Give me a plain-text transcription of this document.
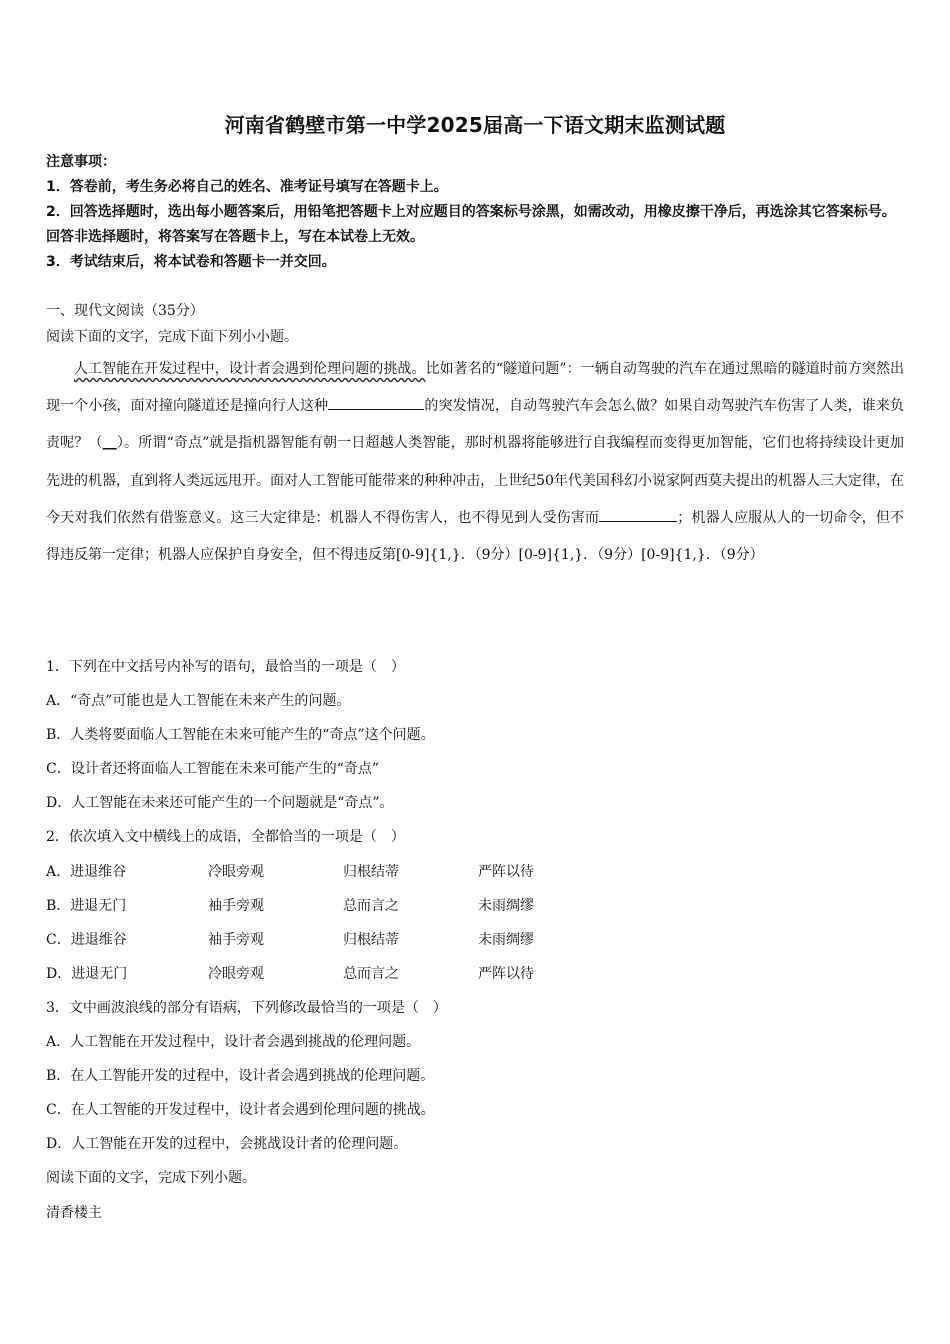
河南省鹤壁市第一中学2025届高一下语文期末监测试题

注意事项：

1．答卷前，考生务必将自己的姓名、准考证号填写在答题卡上。

2．回答选择题时，选出每小题答案后，用铅笔把答题卡上对应题目的答案标号涂黑，如需改动，用橡皮擦干净后，再选涂其它答案标号。回答非选择题时，将答案写在答题卡上，写在本试卷上无效。

3．考试结束后，将本试卷和答题卡一并交回。

一、现代文阅读（35分）

阅读下面的文字，完成下面下列小小题。

人工智能在开发过程中，设计者会遇到伦理问题的挑战。比如著名的“隧道问题”：一辆自动驾驶的汽车在通过黑暗的隧道时前方突然出现一个小孩，面对撞向隧道还是撞向行人这种	的突发情况，自动驾驶汽车会怎么做？如果自动驾驶汽车伤害了人类，谁来负责呢？（__）。所谓“奇点”就是指机器智能有朝一日超越人类智能，那时机器将能够进行自我编程而变得更加智能，它们也将持续设计更加先进的机器，直到将人类远远甩开。面对人工智能可能带来的种种冲击，上世纪50年代美国科幻小说家阿西莫夫提出的机器人三大定律，在今天对我们依然有借鉴意义。这三大定律是：机器人不得伤害人，也不得见到人受伤害而	；机器人应服从人的一切命令，但不得违反第一定律；机器人应保护自身安全，但不得违反第[0-9]{1,}．（9分）[0-9]{1,}．（9分）[0-9]{1,}．（9分）

1．下列在中文括号内补写的语句，最恰当的一项是（　）
A．“奇点”可能也是人工智能在未来产生的问题。
B．人类将要面临人工智能在未来可能产生的“奇点”这个问题。
C．设计者还将面临人工智能在未来可能产生的“奇点”
D．人工智能在未来还可能产生的一个问题就是“奇点”。
2．依次填入文中横线上的成语，全都恰当的一项是（　）
A．进退维谷	冷眼旁观	归根结蒂	严阵以待
B．进退无门	袖手旁观	总而言之	未雨绸缪
C．进退维谷	袖手旁观	归根结蒂	未雨绸缪
D．进退无门	冷眼旁观	总而言之	严阵以待
3．文中画波浪线的部分有语病，下列修改最恰当的一项是（　）
A．人工智能在开发过程中，设计者会遇到挑战的伦理问题。
B．在人工智能开发的过程中，设计者会遇到挑战的伦理问题。
C．在人工智能的开发过程中，设计者会遇到伦理问题的挑战。
D．人工智能在开发的过程中，会挑战设计者的伦理问题。
阅读下面的文字，完成下列小题。
清香楼主
